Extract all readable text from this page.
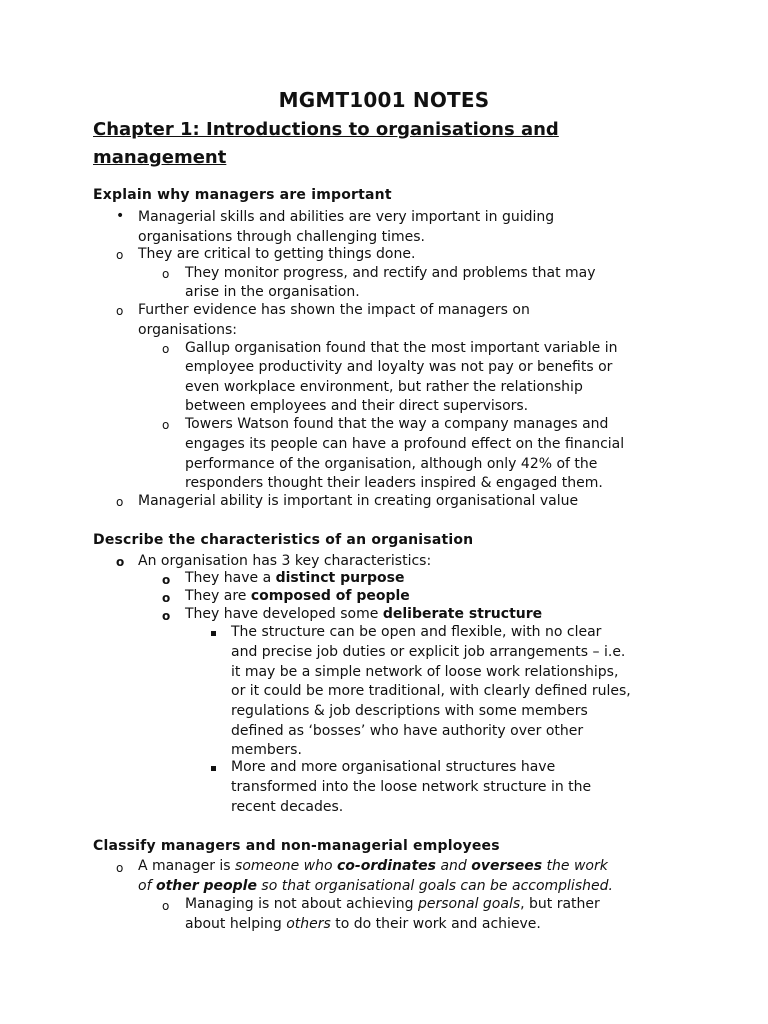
MGMT1001 NOTES
Chapter 1: Introductions to organisations and
management
Explain why managers are important
• Managerial skills and abilities are very important in guiding
organisations through challenging times.
o They are critical to getting things done.
o They monitor progress, and rectify and problems that may
arise in the organisation.
o Further evidence has shown the impact of managers on
organisations:
o Gallup organisation found that the most important variable in
employee productivity and loyalty was not pay or benefits or
even workplace environment, but rather the relationship
between employees and their direct supervisors.
o Towers Watson found that the way a company manages and
engages its people can have a profound effect on the financial
performance of the organisation, although only 42% of the
responders thought their leaders inspired & engaged them.
o Managerial ability is important in creating organisational value
Describe the characteristics of an organisation
o An organisation has 3 key characteristics:
o They have a distinct purpose
o They are composed of people
o They have developed some deliberate structure
The structure can be open and flexible, with no clear
and precise job duties or explicit job arrangements – i.e.
it may be a simple network of loose work relationships,
or it could be more traditional, with clearly defined rules,
regulations & job descriptions with some members
defined as ‘bosses’ who have authority over other
members.
More and more organisational structures have
transformed into the loose network structure in the
recent decades.
Classify managers and non-managerial employees
o A manager is someone who co-ordinates and oversees the work
of other people so that organisational goals can be accomplished.
o Managing is not about achieving personal goals, but rather
about helping others to do their work and achieve.
